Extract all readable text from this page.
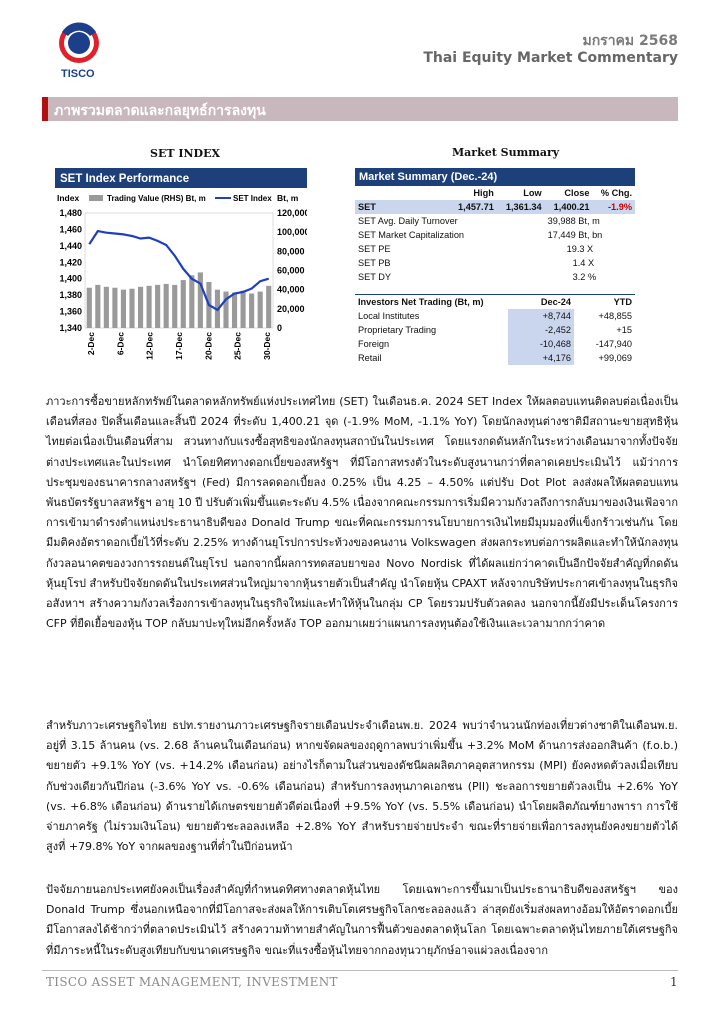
TISCO
มกราคม 2568
Thai Equity Market Commentary
ภาพรวมตลาดและกลยุทธ์การลงทุน
SET INDEX	Market Summary
SET Index Performance
Index	Bt, m
Trading Value (RHS) Bt, m	SET Index
1,480
1,460
1,440
1,420
1,400
1,380
1,360
1,340
120,000
100,000
80,000
60,000
40,000
20,000
0
2-Dec 6-Dec 12-Dec 17-Dec 20-Dec 25-Dec 30-Dec
Market Summary (Dec.-24)
	High	Low	Close	% Chg.
SET	1,457.71	1,361.34	1,400.21	-1.9%
SET Avg. Daily Turnover			39,988 Bt, m	
SET Market Capitalization			17,449 Bt, bn	
SET PE			19.3 X	
SET PB			1.4 X	
SET DY			3.2 %	
Investors Net Trading (Bt, m)	Dec-24	YTD
Local Institutes	+8,744	+48,855
Proprietary Trading	-2,452	+15
Foreign	-10,468	-147,940
Retail	+4,176	+99,069
ภาวะการซื้อขายหลักทรัพย์ในตลาดหลักทรัพย์แห่งประเทศไทย (SET) ในเดือนธ.ค. 2024 SET Index ให้ผลตอบแทนติดลบต่อเนื่องเป็นเดือนที่สอง ปิดสิ้นเดือนและสิ้นปี 2024 ที่ระดับ 1,400.21 จุด (-1.9% MoM, -1.1% YoY) โดยนักลงทุนต่างชาติมีสถานะขายสุทธิหุ้นไทยต่อเนื่องเป็นเดือนที่สาม สวนทางกับแรงซื้อสุทธิของนักลงทุนสถาบันในประเทศ โดยแรงกดดันหลักในระหว่างเดือนมาจากทั้งปัจจัยต่างประเทศและในประเทศ นำโดยทิศทางดอกเบี้ยของสหรัฐฯ ที่มีโอกาสทรงตัวในระดับสูงนานกว่าที่ตลาดเคยประเมินไว้ แม้ว่าการประชุมของธนาคารกลางสหรัฐฯ (Fed) มีการลดดอกเบี้ยลง 0.25% เป็น 4.25 – 4.50% แต่ปรับ Dot Plot ลงส่งผลให้ผลตอบแทนพันธบัตรรัฐบาลสหรัฐฯ อายุ 10 ปี ปรับตัวเพิ่มขึ้นแตะระดับ 4.5% เนื่องจากคณะกรรมการเริ่มมีความกังวลถึงการกลับมาของเงินเฟ้อจากการเข้ามาดำรงตำแหน่งประธานาธิบดีของ Donald Trump ขณะที่คณะกรรมการนโยบายการเงินไทยมีมุมมองที่แข็งกร้าวเช่นกัน โดยมีมติคงอัตราดอกเบี้ยไว้ที่ระดับ 2.25% ทางด้านยุโรปการประท้วงของคนงาน Volkswagen ส่งผลกระทบต่อการผลิตและทำให้นักลงทุนกังวลอนาคตของวงการรถยนต์ในยุโรป นอกจากนี้ผลการทดสอบยาของ Novo Nordisk ที่ได้ผลแย่กว่าคาดเป็นอีกปัจจัยสำคัญที่กดดันหุ้นยุโรป สำหรับปัจจัยกดดันในประเทศส่วนใหญ่มาจากหุ้นรายตัวเป็นสำคัญ นำโดยหุ้น CPAXT หลังจากบริษัทประกาศเข้าลงทุนในธุรกิจอสังหาฯ สร้างความกังวลเรื่องการเข้าลงทุนในธุรกิจใหม่และทำให้หุ้นในกลุ่ม CP โดยรวมปรับตัวลดลง นอกจากนี้ยังมีประเด็นโครงการ CFP ที่ยืดเยื้อของหุ้น TOP กลับมาปะทุใหม่อีกครั้งหลัง TOP ออกมาเผยว่าแผนการลงทุนต้องใช้เงินและเวลามากกว่าคาด
สำหรับภาวะเศรษฐกิจไทย ธปท.รายงานภาวะเศรษฐกิจรายเดือนประจำเดือนพ.ย. 2024 พบว่าจำนวนนักท่องเที่ยวต่างชาติในเดือนพ.ย. อยู่ที่ 3.15 ล้านคน (vs. 2.68 ล้านคนในเดือนก่อน) หากขจัดผลของฤดูกาลพบว่าเพิ่มขึ้น +3.2% MoM ด้านการส่งออกสินค้า (f.o.b.) ขยายตัว +9.1% YoY (vs. +14.2% เดือนก่อน) อย่างไรก็ตามในส่วนของดัชนีผลผลิตภาคอุตสาหกรรม (MPI) ยังคงหดตัวลงเมื่อเทียบกับช่วงเดียวกันปีก่อน (-3.6% YoY vs. -0.6% เดือนก่อน) สำหรับการลงทุนภาคเอกชน (PII) ชะลอการขยายตัวลงเป็น +2.6% YoY (vs. +6.8% เดือนก่อน) ด้านรายได้เกษตรขยายตัวดีต่อเนื่องที่ +9.5% YoY (vs. 5.5% เดือนก่อน) นำโดยผลิตภัณฑ์ยางพารา การใช้จ่ายภาครัฐ (ไม่รวมเงินโอน) ขยายตัวชะลอลงเหลือ +2.8% YoY สำหรับรายจ่ายประจำ ขณะที่รายจ่ายเพื่อการลงทุนยังคงขยายตัวได้สูงที่ +79.8% YoY จากผลของฐานที่ต่ำในปีก่อนหน้า
ปัจจัยภายนอกประเทศยังคงเป็นเรื่องสำคัญที่กำหนดทิศทางตลาดหุ้นไทย โดยเฉพาะการขึ้นมาเป็นประธานาธิบดีของสหรัฐฯ ของ Donald Trump ซึ่งนอกเหนือจากที่มีโอกาสจะส่งผลให้การเติบโตเศรษฐกิจโลกชะลอลงแล้ว ล่าสุดยังเริ่มส่งผลทางอ้อมให้อัตราดอกเบี้ยมีโอกาสลงได้ช้ากว่าที่ตลาดประเมินไว้ สร้างความท้าทายสำคัญในการฟื้นตัวของตลาดหุ้นโลก โดยเฉพาะตลาดหุ้นไทยภายใต้เศรษฐกิจที่มีภาระหนี้ในระดับสูงเทียบกับขนาดเศรษฐกิจ ขณะที่แรงซื้อหุ้นไทยจากกองทุนวายุภักษ์อาจแผ่วลงเนื่องจาก
TISCO ASSET MANAGEMENT, INVESTMENT	1
